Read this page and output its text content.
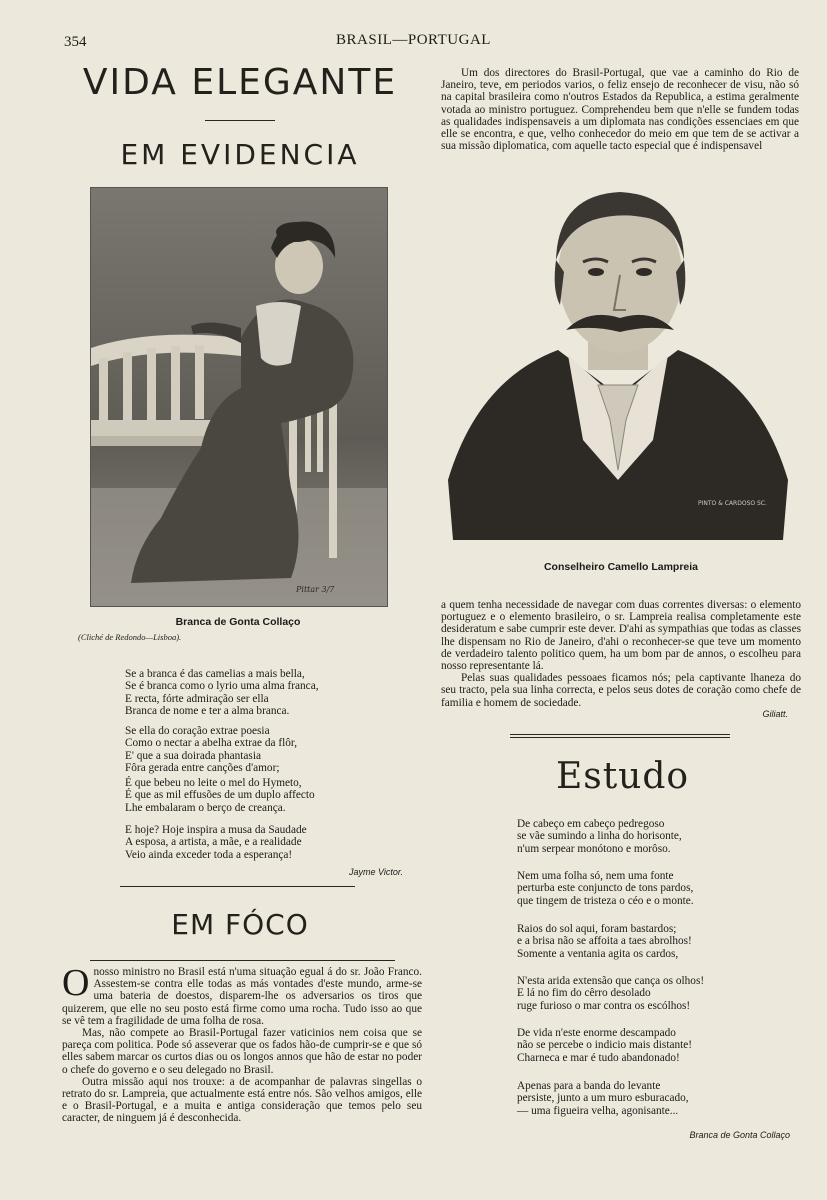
354	BRASIL—PORTUGAL
VIDA ELEGANTE
EM EVIDENCIA
Pittar 3/7
Branca de Gonta Collaço
(Cliché de Redondo—Lisboa).
Se a branca é das camelias a mais bella,
Se é branca como o lyrio uma alma franca,
E recta, fórte admiração ser ella
Branca de nome e ter a alma branca.
Se ella do coração extrae poesia
Como o nectar a abelha extrae da flôr,
E' que a sua doirada phantasia
Fôra gerada entre canções d'amor;
É que bebeu no leite o mel do Hymeto,
É que as mil effusões de um duplo affecto
Lhe embalaram o berço de creança.
E hoje? Hoje inspira a musa da Saudade
A esposa, a artista, a mãe, e a realidade
Veio ainda exceder toda a esperança!
Jayme Victor.
EM FÓCO
O nosso ministro no Brasil está n'uma situação egual á do sr. João Franco. Assestem-se contra elle todas as más vontades d'este mundo, arme-se uma bateria de doestos, disparem-lhe os adversarios os tiros que quizerem, que elle no seu posto está firme como uma rocha. Tudo isso ao que se vê tem a fragilidade de uma folha de rosa.
Mas, não compete ao Brasil-Portugal fazer vaticinios nem coisa que se pareça com politica. Pode só asseverar que os fados hão-de cumprir-se e que só elles sabem marcar os curtos dias ou os longos annos que hão de estar no poder o chefe do governo e o seu delegado no Brasil.
Outra missão aqui nos trouxe: a de acompanhar de palavras singellas o retrato do sr. Lampreia, que actualmente está entre nós. São velhos amigos, elle e o Brasil-Portugal, e a muita e antiga consideração que temos pelo seu caracter, de ninguem já é desconhecida.
Um dos directores do Brasil-Portugal, que vae a caminho do Rio de Janeiro, teve, em periodos varios, o feliz ensejo de reconhecer de visu, não só na capital brasileira como n'outros Estados da Republica, a estima geralmente votada ao ministro portuguez. Comprehendeu bem que n'elle se fundem todas as qualidades indispensaveis a um diplomata nas condições essenciaes em que elle se encontra, e que, velho conhecedor do meio em que tem de se activar a sua missão diplomatica, com aquelle tacto especial que é indispensavel
PINTO & CARDOSO SC.
Conselheiro Camello Lampreia
a quem tenha necessidade de navegar com duas correntes diversas: o elemento portuguez e o elemento brasileiro, o sr. Lampreia realisa completamente este desideratum e sabe cumprir este dever. D'ahi as sympathias que todas as classes lhe dispensam no Rio de Janeiro, d'ahi o reconhecer-se que teve um momento de verdadeiro talento politico quem, ha um bom par de annos, o escolheu para nosso representante lá.
Pelas suas qualidades pessoaes ficamos nós; pela captivante lhaneza do seu tracto, pela sua linha correcta, e pelos seus dotes de coração como chefe de familia e homem de sociedade.
Giliatt.
Estudo
De cabeço em cabeço pedregoso
se vãe sumindo a linha do horisonte,
n'um serpear monótono e morôso.
Nem uma folha só, nem uma fonte
perturba este conjuncto de tons pardos,
que tingem de tristeza o céo e o monte.
Raios do sol aqui, foram bastardos;
e a brisa não se affoita a taes abrolhos!
Somente a ventania agita os cardos,
N'esta arida extensão que cança os olhos!
E lá no fim do cêrro desolado
ruge furioso o mar contra os escólhos!
De vida n'este enorme descampado
não se percebe o indicio mais distante!
Charneca e mar é tudo abandonado!
Apenas para a banda do levante
persiste, junto a um muro esburacado,
— uma figueira velha, agonisante...
Branca de Gonta Collaço
